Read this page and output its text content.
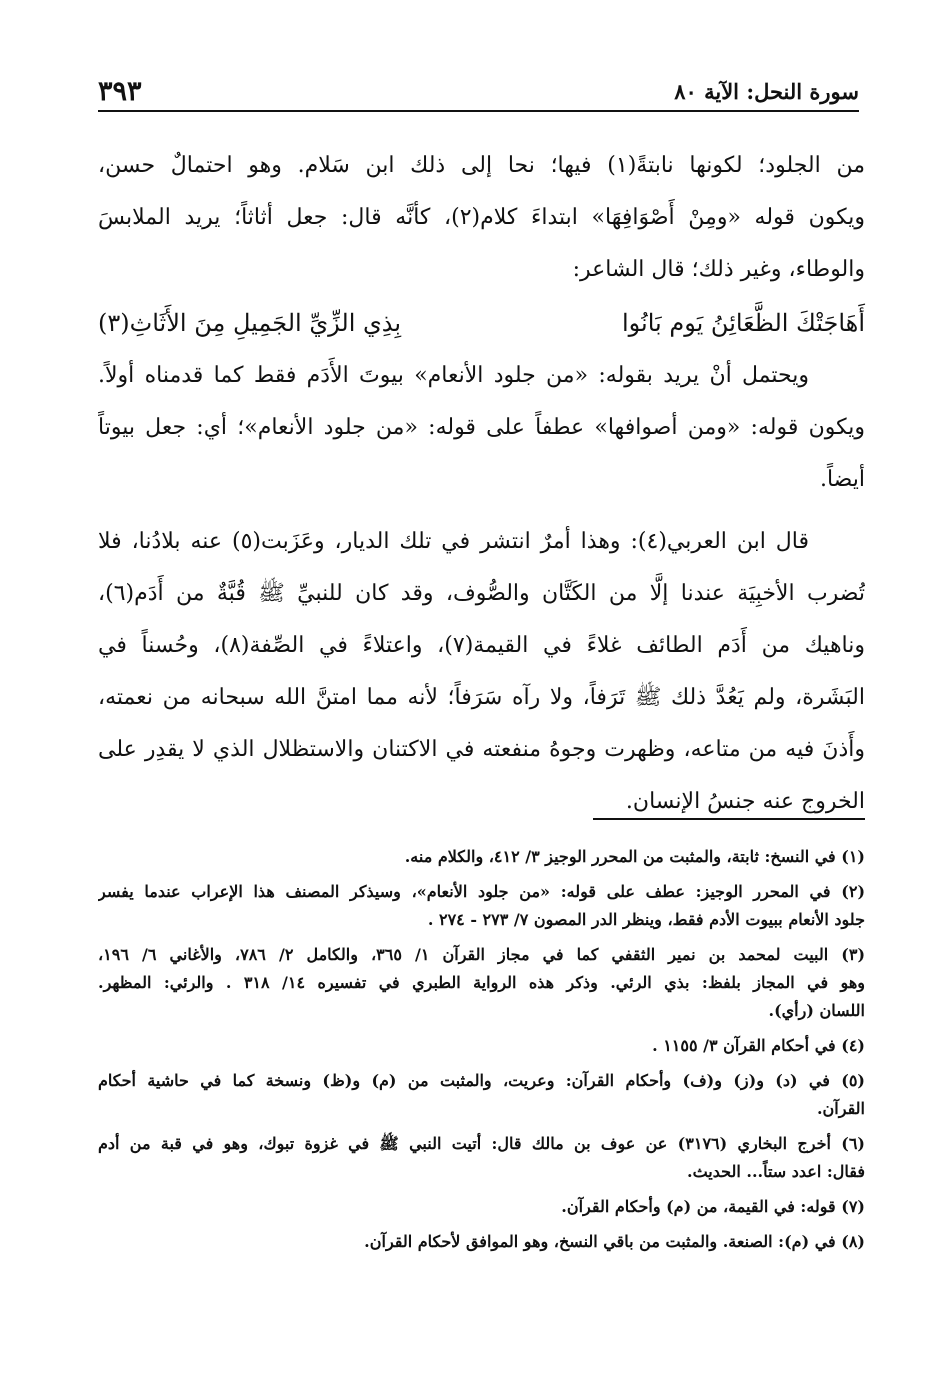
سورة النحل: الآية ٨٠
٣٩٣
من الجلود؛ لكونها نابتةً(١) فيها؛ نحا إلى ذلك ابن سَلام. وهو احتمالٌ حسن،
ويكون قوله «ومِنْ أَصْوَافِهَا» ابتداءَ كلام(٢)، كأنَّه قال: جعل أثاثاً؛ يريد الملابسَ
والوطاء، وغير ذلك؛ قال الشاعر:
أَهَاجَتْكَ الظَّعَائِنُ يَوم بَانُوا
بِذِي الزِّيِّ الجَمِيلِ مِنَ الأَثَاثِ(٣)
ويحتمل أنْ يريد بقوله: «من جلود الأنعام» بيوتَ الأَدَم فقط كما قدمناه أولاً.
ويكون قوله: «ومن أصوافها» عطفاً على قوله: «من جلود الأنعام»؛ أي: جعل بيوتاً
أيضاً.
قال ابن العربي(٤): وهذا أمرٌ انتشر في تلك الديار، وعَزَبت(٥) عنه بلادُنا، فلا
تُضرب الأخبِيَة عندنا إلَّا من الكَتَّان والصُّوف، وقد كان للنبيِّ ﷺ قُبَّةٌ من أَدَم(٦)،
وناهيك من أَدَم الطائف غلاءً في القيمة(٧)، واعتلاءً في الصِّفة(٨)، وحُسناً في
البَشَرة، ولم يَعُدَّ ذلك ﷺ تَرَفاً، ولا رآه سَرَفاً؛ لأنه مما امتنَّ الله سبحانه من نعمته،
وأَذنَ فيه من متاعه، وظهرت وجوهُ منفعته في الاكتنان والاستظلال الذي لا يقدِر على
الخروج عنه جنسُ الإنسان.
(١) في النسخ: ثابتة، والمثبت من المحرر الوجيز ٣/ ٤١٢، والكلام منه.
(٢) في المحرر الوجيز: عطف على قوله: «من جلود الأنعام»، وسيذكر المصنف هذا الإعراب عندما يفسر
جلود الأنعام ببيوت الأدم فقط، وينظر الدر المصون ٧/ ٢٧٣ - ٢٧٤ .
(٣) البيت لمحمد بن نمير الثقفي كما في مجاز القرآن ١/ ٣٦٥، والكامل ٢/ ٧٨٦، والأغاني ٦/ ١٩٦،
وهو في المجاز بلفظ: بذي الرئي. وذكر هذه الرواية الطبري في تفسيره ١٤/ ٣١٨ . والرئي: المظهر.
اللسان (رأي).
(٤) في أحكام القرآن ٣/ ١١٥٥ .
(٥) في (د) و(ز) و(ف) وأحكام القرآن: وعريت، والمثبت من (م) و(ظ) ونسخة كما في حاشية أحكام
القرآن.
(٦) أخرج البخاري (٣١٧٦) عن عوف بن مالك قال: أتيت النبي ﷺ في غزوة تبوك، وهو في قبة من أدم
فقال: اعدد ستاً... الحديث.
(٧) قوله: في القيمة، من (م) وأحكام القرآن.
(٨) في (م): الصنعة. والمثبت من باقي النسخ، وهو الموافق لأحكام القرآن.
